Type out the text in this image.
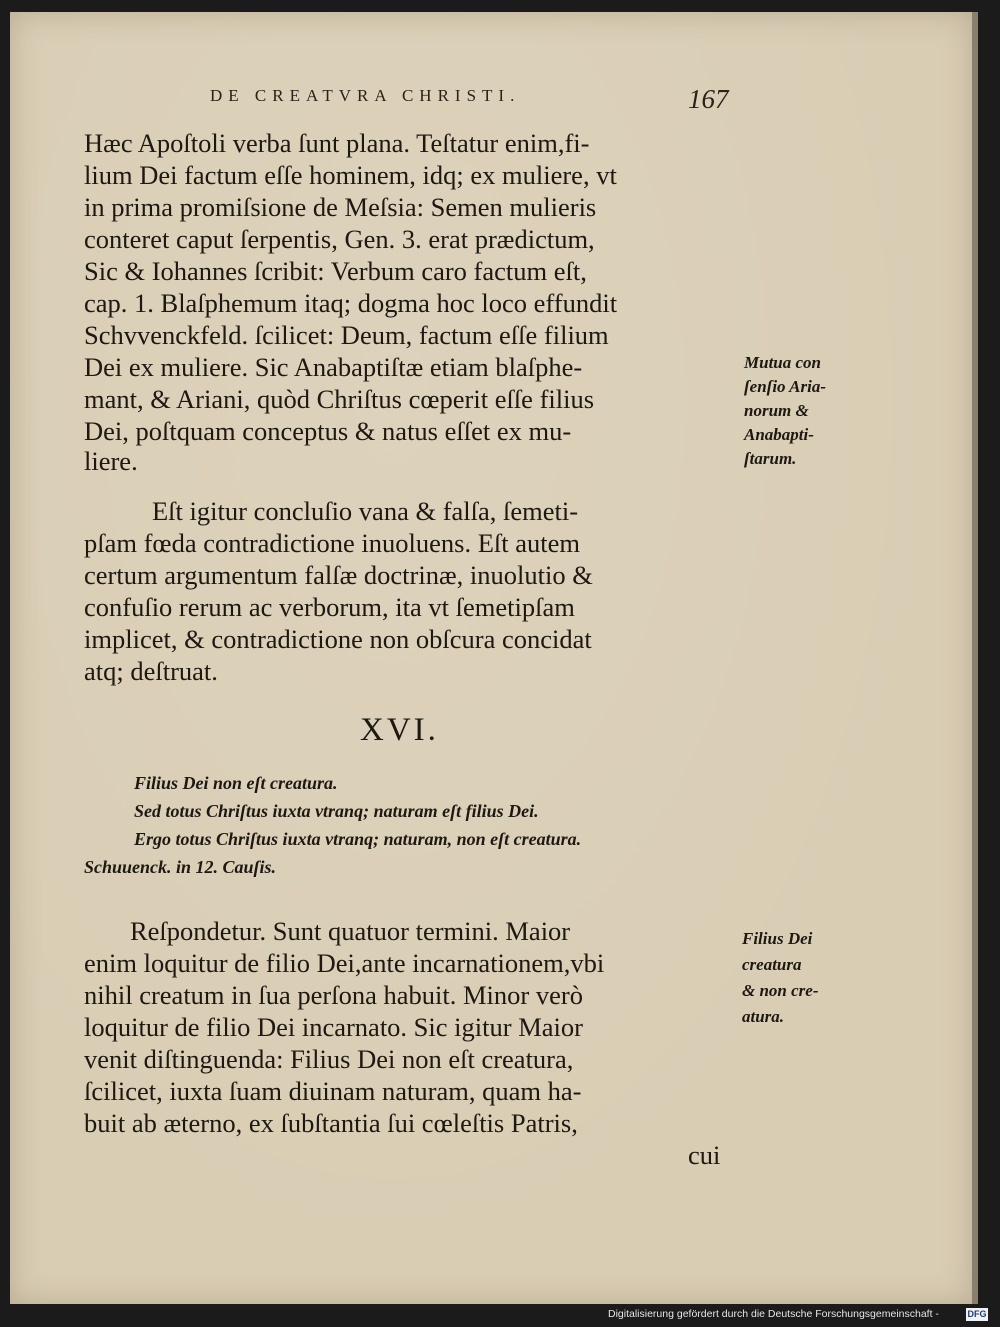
DE CREATVRA CHRISTI.	167
Hæc Apoſtoli verba ſunt plana. Teſtatur enim,fi-
lium Dei factum eſſe hominem, idq; ex muliere, vt
in prima promiſsione de Meſsia: Semen mulieris
conteret caput ſerpentis, Gen. 3. erat prædictum,
Sic & Iohannes ſcribit: Verbum caro factum eſt,
cap. 1. Blaſphemum itaq; dogma hoc loco effundit
Schvvenckfeld. ſcilicet: Deum, factum eſſe filium
Dei ex muliere. Sic Anabaptiſtæ etiam blaſphe-
mant, & Ariani, quòd Chriſtus cœperit eſſe filius
Dei, poſtquam conceptus & natus eſſet ex mu-
liere.
Eſt igitur concluſio vana & falſa, ſemeti-
pſam fœda contradictione inuoluens. Eſt autem
certum argumentum falſæ doctrinæ, inuolutio &
confuſio rerum ac verborum, ita vt ſemetipſam
implicet, & contradictione non obſcura concidat
atq; deſtruat.
XVI.
Filius Dei non eſt creatura.
Sed totus Chriſtus iuxta vtranq; naturam eſt filius Dei.
Ergo totus Chriſtus iuxta vtranq; naturam, non eſt creatura.
Schuuenck. in 12. Cauſis.
Reſpondetur. Sunt quatuor termini. Maior
enim loquitur de filio Dei,ante incarnationem,vbi
nihil creatum in ſua perſona habuit. Minor verò
loquitur de filio Dei incarnato. Sic igitur Maior
venit diſtinguenda: Filius Dei non eſt creatura,
ſcilicet, iuxta ſuam diuinam naturam, quam ha-
buit ab æterno, ex ſubſtantia ſui cœleſtis Patris,
cui
Mutua con
ſenſio Aria-
norum &
Anabapti-
ſtarum.
Filius Dei
creatura
& non cre-
atura.
Digitalisierung gefördert durch die Deutsche Forschungsgemeinschaft -	DFG
